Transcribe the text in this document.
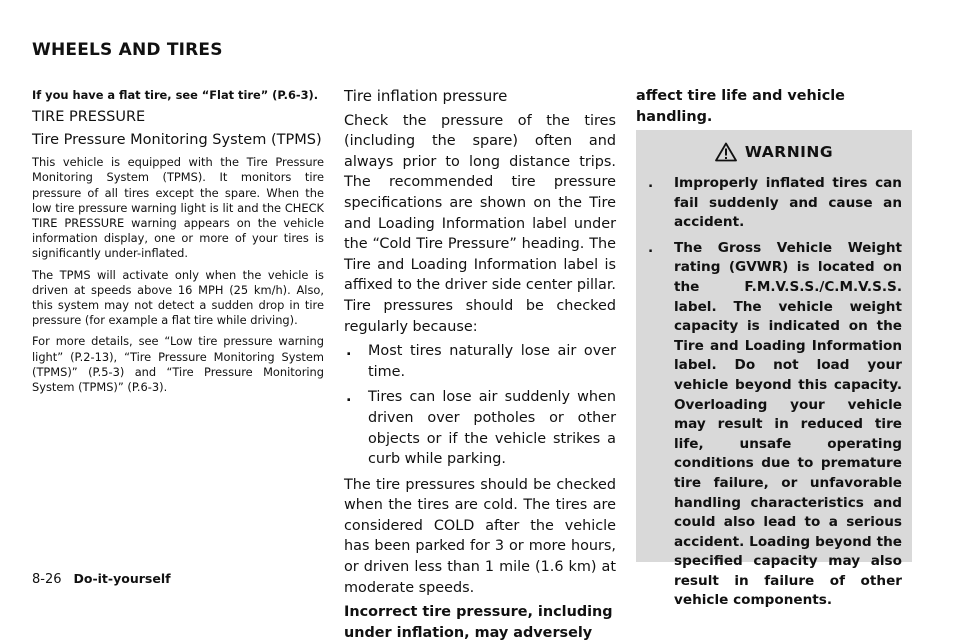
WHEELS AND TIRES

If you have a flat tire, see “Flat tire” (P.6-3).

TIRE PRESSURE

Tire Pressure Monitoring System (TPMS)

This vehicle is equipped with the Tire Pressure Monitoring System (TPMS). It monitors tire pressure of all tires except the spare. When the low tire pressure warning light is lit and the CHECK TIRE PRESSURE warning appears on the vehicle information display, one or more of your tires is significantly under-inflated.

The TPMS will activate only when the vehicle is driven at speeds above 16 MPH (25 km/h). Also, this system may not detect a sudden drop in tire pressure (for example a flat tire while driving).

For more details, see “Low tire pressure warning light” (P.2-13), “Tire Pressure Monitoring System (TPMS)” (P.5-3) and “Tire Pressure Monitoring System (TPMS)” (P.6-3).

Tire inflation pressure

Check the pressure of the tires (including the spare) often and always prior to long distance trips. The recommended tire pressure specifications are shown on the Tire and Loading Information label under the “Cold Tire Pressure” heading. The Tire and Loading Information label is affixed to the driver side center pillar. Tire pressures should be checked regularly because:

. Most tires naturally lose air over time.
. Tires can lose air suddenly when driven over potholes or other objects or if the vehicle strikes a curb while parking.

The tire pressures should be checked when the tires are cold. The tires are considered COLD after the vehicle has been parked for 3 or more hours, or driven less than 1 mile (1.6 km) at moderate speeds.

Incorrect tire pressure, including under inflation, may adversely

affect tire life and vehicle handling.
WARNING
. Improperly inflated tires can fail suddenly and cause an accident.
. The Gross Vehicle Weight rating (GVWR) is located on the F.M.V.S.S./C.M.V.S.S. label. The vehicle weight capacity is indicated on the Tire and Loading Information label. Do not load your vehicle beyond this capacity. Overloading your vehicle may result in reduced tire life, unsafe operating conditions due to premature tire failure, or unfavorable handling characteristics and could also lead to a serious accident. Loading beyond the specified capacity may also result in failure of other vehicle components.
8-26 Do-it-yourself
